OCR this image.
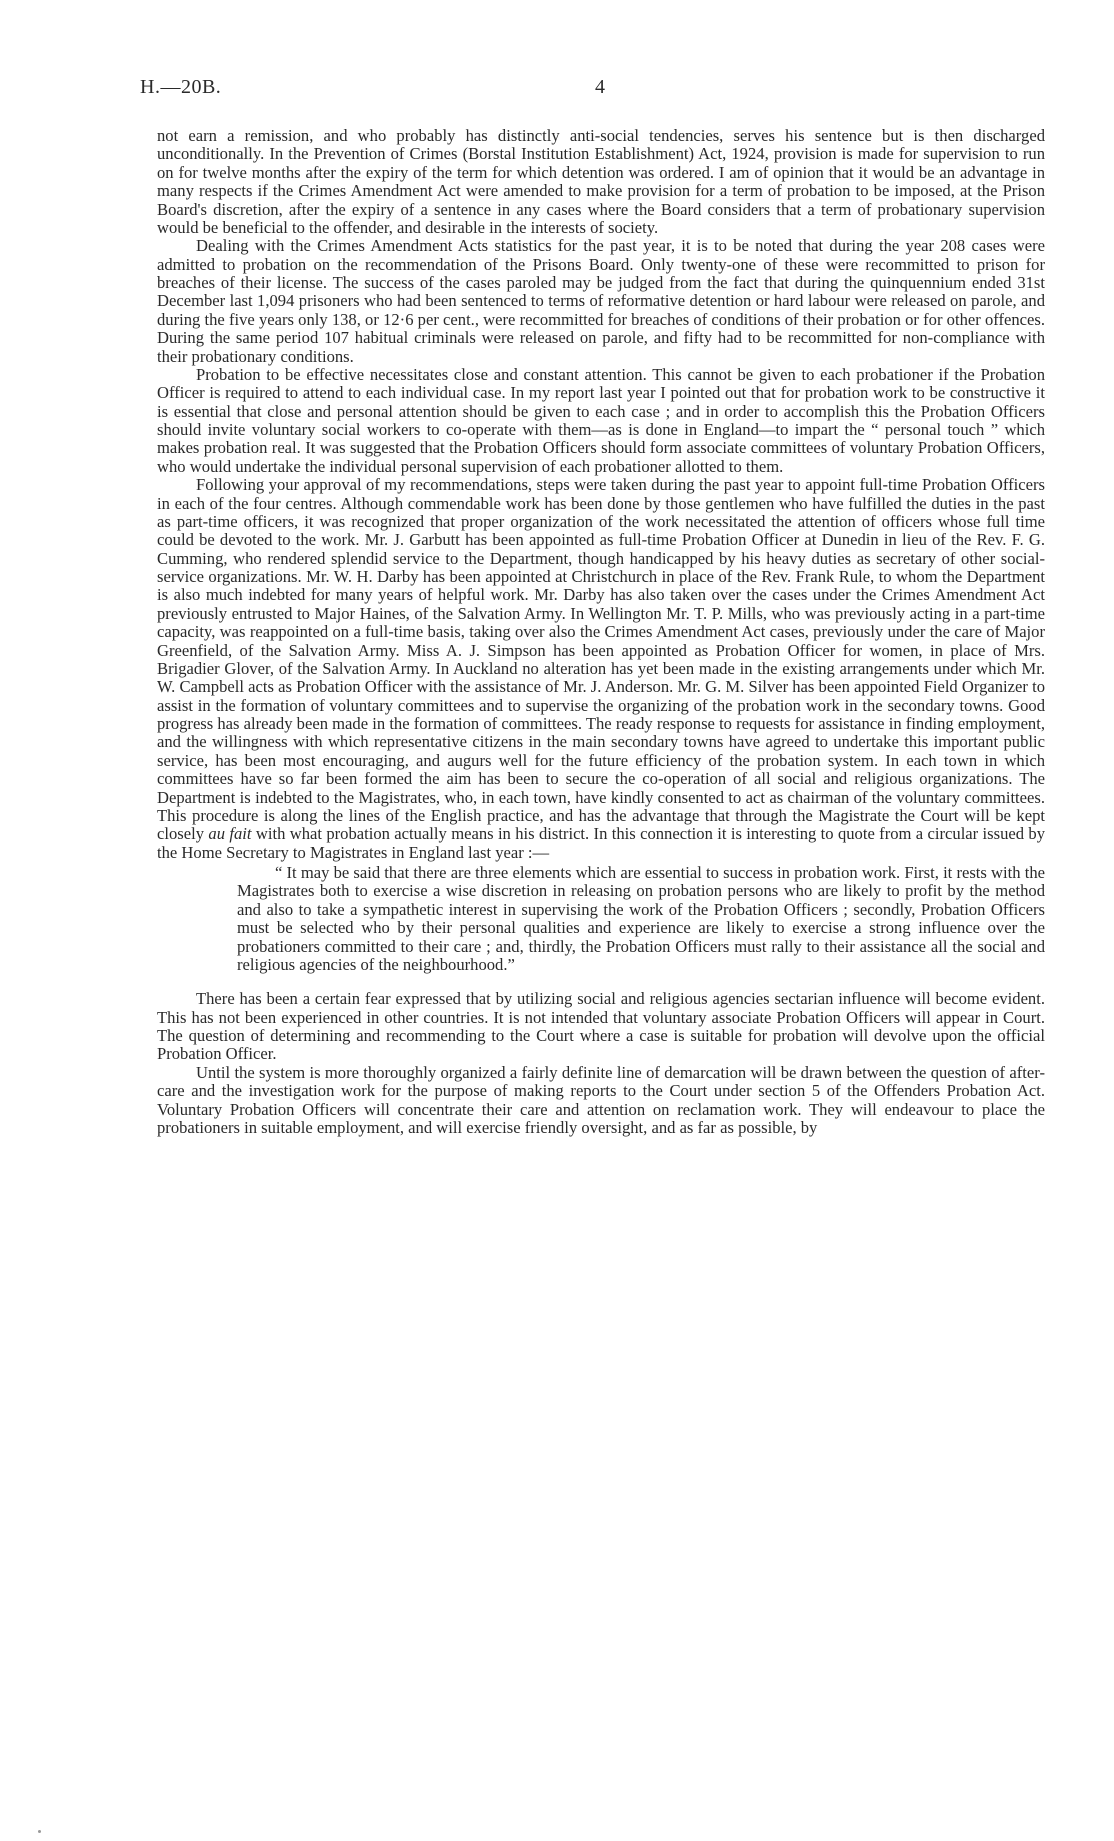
H.—20B.	4

not earn a remission, and who probably has distinctly anti-social tendencies, serves his sentence but is then discharged unconditionally. In the Prevention of Crimes (Borstal Institution Establishment) Act, 1924, provision is made for supervision to run on for twelve months after the expiry of the term for which detention was ordered. I am of opinion that it would be an advantage in many respects if the Crimes Amendment Act were amended to make provision for a term of probation to be imposed, at the Prison Board's discretion, after the expiry of a sentence in any cases where the Board considers that a term of probationary supervision would be beneficial to the offender, and desirable in the interests of society.

Dealing with the Crimes Amendment Acts statistics for the past year, it is to be noted that during the year 208 cases were admitted to probation on the recommendation of the Prisons Board. Only twenty-one of these were recommitted to prison for breaches of their license. The success of the cases paroled may be judged from the fact that during the quinquennium ended 31st December last 1,094 prisoners who had been sentenced to terms of reformative detention or hard labour were released on parole, and during the five years only 138, or 12·6 per cent., were recommitted for breaches of conditions of their probation or for other offences. During the same period 107 habitual criminals were released on parole, and fifty had to be recommitted for non-compliance with their probationary conditions.

Probation to be effective necessitates close and constant attention. This cannot be given to each probationer if the Probation Officer is required to attend to each individual case. In my report last year I pointed out that for probation work to be constructive it is essential that close and personal attention should be given to each case ; and in order to accomplish this the Probation Officers should invite voluntary social workers to co-operate with them—as is done in England—to impart the “ personal touch ” which makes probation real. It was suggested that the Probation Officers should form associate committees of voluntary Probation Officers, who would undertake the individual personal supervision of each probationer allotted to them.

Following your approval of my recommendations, steps were taken during the past year to appoint full-time Probation Officers in each of the four centres. Although commendable work has been done by those gentlemen who have fulfilled the duties in the past as part-time officers, it was recognized that proper organization of the work necessitated the attention of officers whose full time could be devoted to the work. Mr. J. Garbutt has been appointed as full-time Probation Officer at Dunedin in lieu of the Rev. F. G. Cumming, who rendered splendid service to the Department, though handicapped by his heavy duties as secretary of other social-service organizations. Mr. W. H. Darby has been appointed at Christchurch in place of the Rev. Frank Rule, to whom the Department is also much indebted for many years of helpful work. Mr. Darby has also taken over the cases under the Crimes Amendment Act previously entrusted to Major Haines, of the Salvation Army. In Wellington Mr. T. P. Mills, who was previously acting in a part-time capacity, was reappointed on a full-time basis, taking over also the Crimes Amendment Act cases, previously under the care of Major Greenfield, of the Salvation Army. Miss A. J. Simpson has been appointed as Probation Officer for women, in place of Mrs. Brigadier Glover, of the Salvation Army. In Auckland no alteration has yet been made in the existing arrangements under which Mr. W. Campbell acts as Probation Officer with the assistance of Mr. J. Anderson. Mr. G. M. Silver has been appointed Field Organizer to assist in the formation of voluntary committees and to supervise the organizing of the probation work in the secondary towns. Good progress has already been made in the formation of committees. The ready response to requests for assistance in finding employment, and the willingness with which representative citizens in the main secondary towns have agreed to undertake this important public service, has been most encouraging, and augurs well for the future efficiency of the probation system. In each town in which committees have so far been formed the aim has been to secure the co-operation of all social and religious organizations. The Department is indebted to the Magistrates, who, in each town, have kindly consented to act as chairman of the voluntary committees. This procedure is along the lines of the English practice, and has the advantage that through the Magistrate the Court will be kept closely au fait with what probation actually means in his district. In this connection it is interesting to quote from a circular issued by the Home Secretary to Magistrates in England last year :—

“ It may be said that there are three elements which are essential to success in probation work. First, it rests with the Magistrates both to exercise a wise discretion in releasing on probation persons who are likely to profit by the method and also to take a sympathetic interest in supervising the work of the Probation Officers ; secondly, Probation Officers must be selected who by their personal qualities and experience are likely to exercise a strong influence over the probationers committed to their care ; and, thirdly, the Probation Officers must rally to their assistance all the social and religious agencies of the neighbourhood.”

There has been a certain fear expressed that by utilizing social and religious agencies sectarian influence will become evident. This has not been experienced in other countries. It is not intended that voluntary associate Probation Officers will appear in Court. The question of determining and recommending to the Court where a case is suitable for probation will devolve upon the official Probation Officer.

Until the system is more thoroughly organized a fairly definite line of demarcation will be drawn between the question of after-care and the investigation work for the purpose of making reports to the Court under section 5 of the Offenders Probation Act. Voluntary Probation Officers will concentrate their care and attention on reclamation work. They will endeavour to place the probationers in suitable employment, and will exercise friendly oversight, and as far as possible, by
